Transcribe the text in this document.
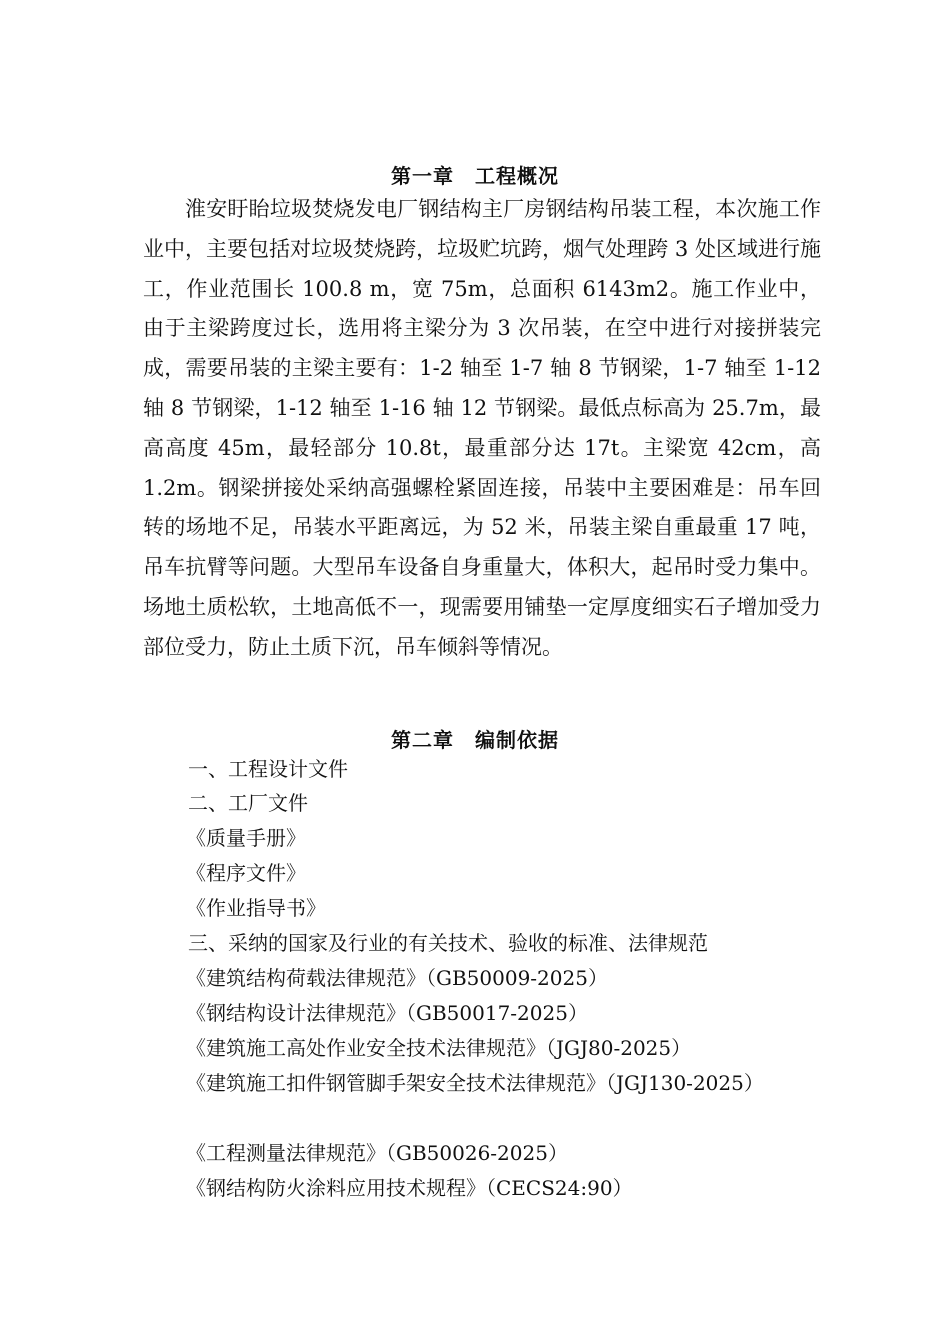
第一章　工程概况
淮安盱眙垃圾焚烧发电厂钢结构主厂房钢结构吊装工程，本次施工作业中，主要包括对垃圾焚烧跨，垃圾贮坑跨，烟气处理跨 3 处区域进行施工，作业范围长 100.8 m，宽 75m，总面积 6143m2。施工作业中，由于主梁跨度过长，选用将主梁分为 3 次吊装，在空中进行对接拼装完成，需要吊装的主梁主要有：1-2 轴至 1-7 轴 8 节钢梁，1-7 轴至 1-12 轴 8 节钢梁，1-12 轴至 1-16 轴 12 节钢梁。最低点标高为 25.7m，最高高度 45m，最轻部分 10.8t，最重部分达 17t。主梁宽 42cm，高 1.2m。钢梁拼接处采纳高强螺栓紧固连接，吊装中主要困难是：吊车回转的场地不足，吊装水平距离远，为 52 米，吊装主梁自重最重 17 吨，吊车抗臂等问题。大型吊车设备自身重量大，体积大，起吊时受力集中。场地土质松软，土地高低不一，现需要用铺垫一定厚度细实石子增加受力部位受力，防止土质下沉，吊车倾斜等情况。
第二章　编制依据
一、工程设计文件
二、工厂文件
《质量手册》
《程序文件》
《作业指导书》
三、采纳的国家及行业的有关技术、验收的标准、法律规范
《建筑结构荷载法律规范》（GB50009-2025）
《钢结构设计法律规范》（GB50017-2025）
《建筑施工高处作业安全技术法律规范》（JGJ80-2025）
《建筑施工扣件钢管脚手架安全技术法律规范》（JGJ130-2025）
《工程测量法律规范》（GB50026-2025）
《钢结构防火涂料应用技术规程》（CECS24:90）
